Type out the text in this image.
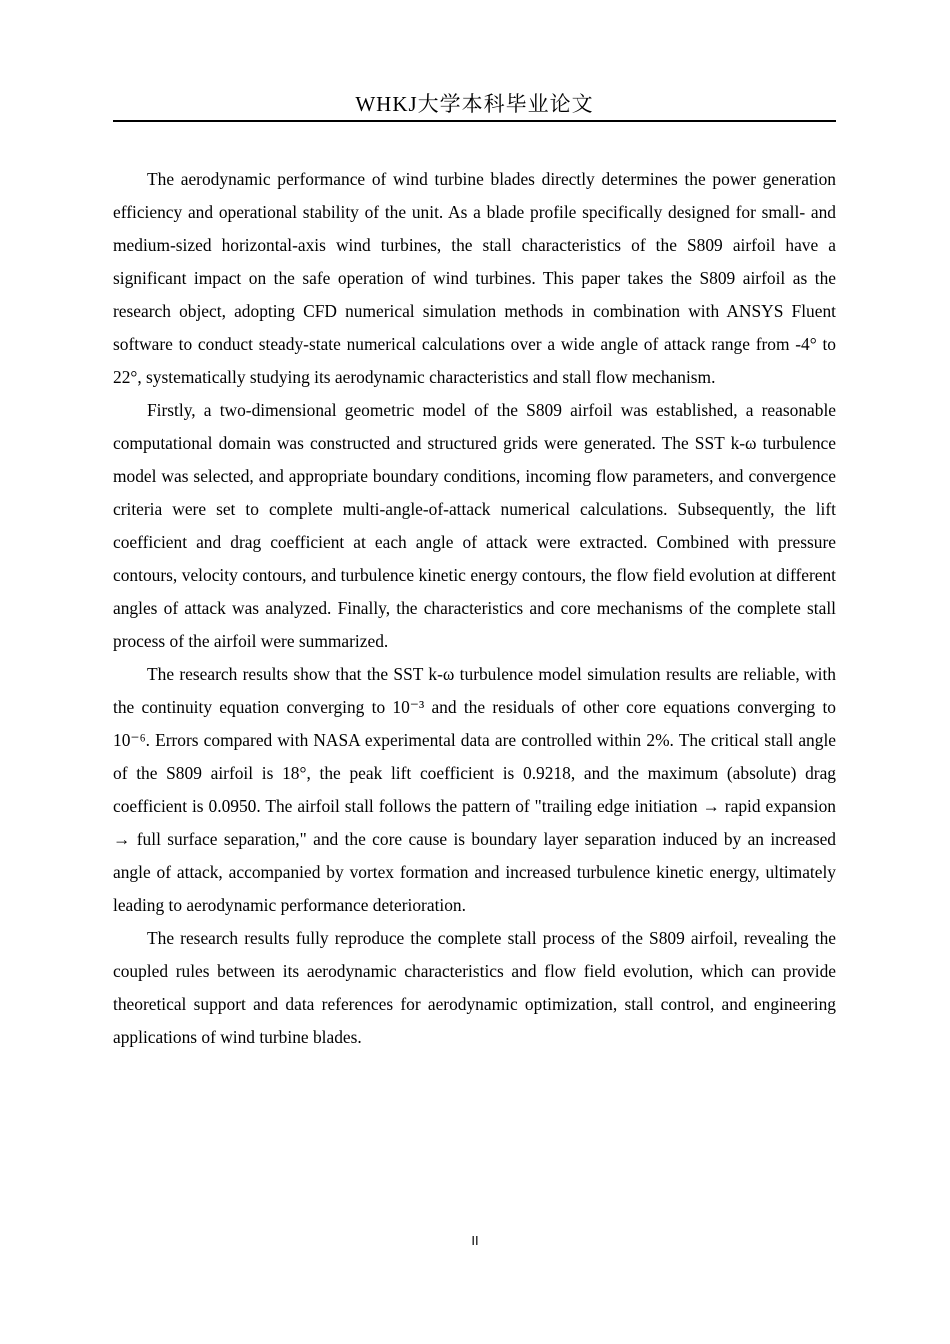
WHKJ大学本科毕业论文

The aerodynamic performance of wind turbine blades directly determines the power generation efficiency and operational stability of the unit. As a blade profile specifically designed for small- and medium-sized horizontal-axis wind turbines, the stall characteristics of the S809 airfoil have a significant impact on the safe operation of wind turbines. This paper takes the S809 airfoil as the research object, adopting CFD numerical simulation methods in combination with ANSYS Fluent software to conduct steady-state numerical calculations over a wide angle of attack range from -4° to 22°, systematically studying its aerodynamic characteristics and stall flow mechanism.

Firstly, a two-dimensional geometric model of the S809 airfoil was established, a reasonable computational domain was constructed and structured grids were generated. The SST k-ω turbulence model was selected, and appropriate boundary conditions, incoming flow parameters, and convergence criteria were set to complete multi-angle-of-attack numerical calculations. Subsequently, the lift coefficient and drag coefficient at each angle of attack were extracted. Combined with pressure contours, velocity contours, and turbulence kinetic energy contours, the flow field evolution at different angles of attack was analyzed. Finally, the characteristics and core mechanisms of the complete stall process of the airfoil were summarized.

The research results show that the SST k-ω turbulence model simulation results are reliable, with the continuity equation converging to 10⁻³ and the residuals of other core equations converging to 10⁻⁶. Errors compared with NASA experimental data are controlled within 2%. The critical stall angle of the S809 airfoil is 18°, the peak lift coefficient is 0.9218, and the maximum (absolute) drag coefficient is 0.0950. The airfoil stall follows the pattern of "trailing edge initiation → rapid expansion → full surface separation," and the core cause is boundary layer separation induced by an increased angle of attack, accompanied by vortex formation and increased turbulence kinetic energy, ultimately leading to aerodynamic performance deterioration.

The research results fully reproduce the complete stall process of the S809 airfoil, revealing the coupled rules between its aerodynamic characteristics and flow field evolution, which can provide theoretical support and data references for aerodynamic optimization, stall control, and engineering applications of wind turbine blades.

II
